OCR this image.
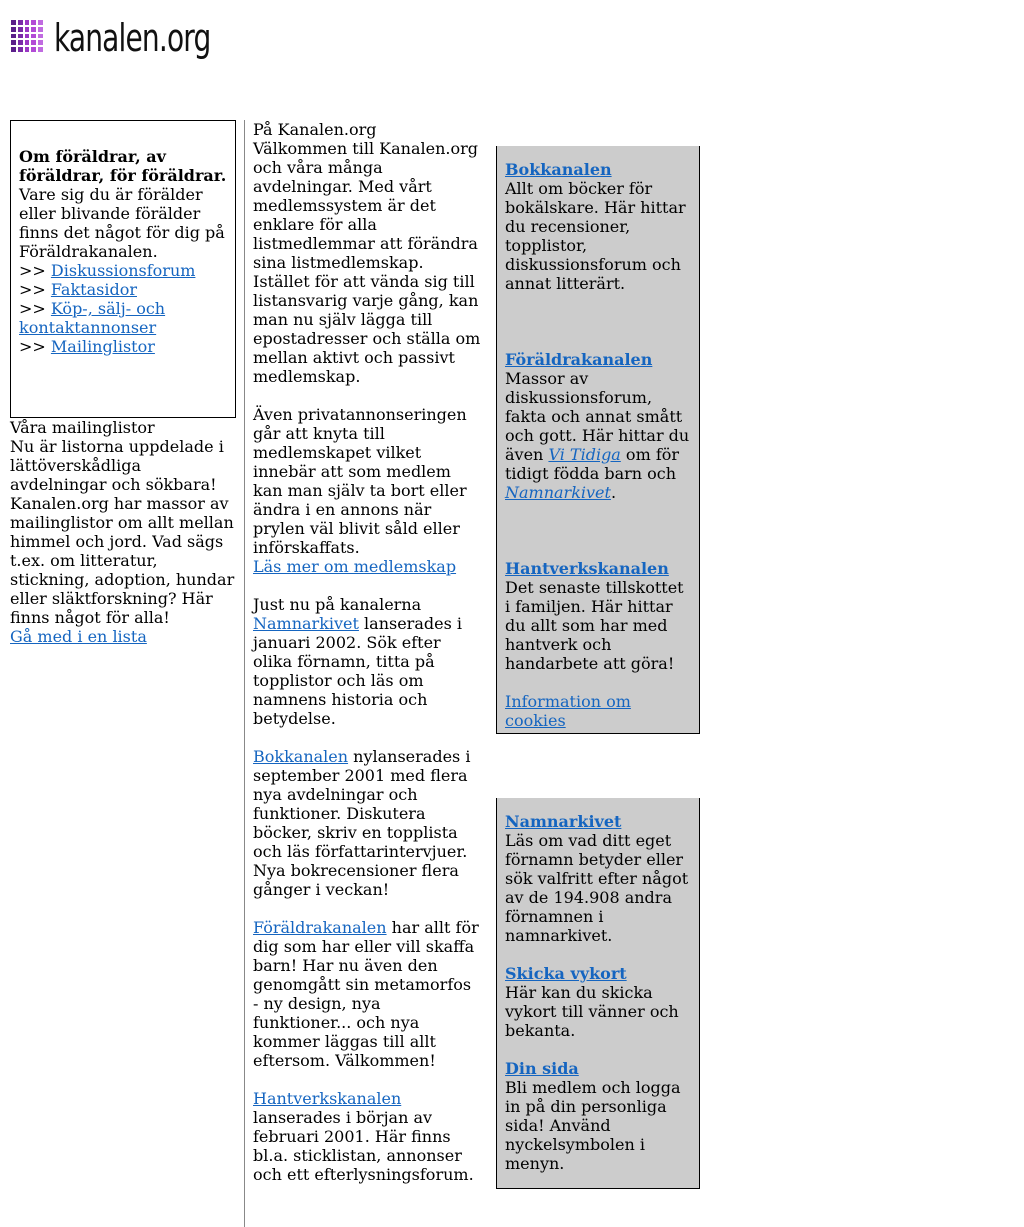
kanalen.org
Om föräldrar, av föräldrar, för föräldrar.
Vare sig du är förälder eller blivande förälder finns det något för dig på Föräldrakanalen.
>> Diskussionsforum
>> Faktasidor
>> Köp-, sälj- och kontaktannonser
>> Mailinglistor
Våra mailinglistor
Nu är listorna uppdelade i lättöverskådliga avdelningar och sökbara! Kanalen.org har massor av mailinglistor om allt mellan himmel och jord. Vad sägs t.ex. om litteratur, stickning, adoption, hundar eller släktforskning? Här finns något för alla!
Gå med i en lista

På Kanalen.org
Välkommen till Kanalen.org och våra många avdelningar. Med vårt medlemssystem är det enklare för alla listmedlemmar att förändra sina listmedlemskap. Istället för att vända sig till listansvarig varje gång, kan man nu själv lägga till epostadresser och ställa om mellan aktivt och passivt medlemskap.

Även privatannonseringen går att knyta till medlemskapet vilket innebär att som medlem kan man själv ta bort eller ändra i en annons när prylen väl blivit såld eller införskaffats.
Läs mer om medlemskap

Just nu på kanalerna
Namnarkivet lanserades i januari 2002. Sök efter olika förnamn, titta på topplistor och läs om namnens historia och betydelse.

Bokkanalen nylanserades i september 2001 med flera nya avdelningar och funktioner. Diskutera böcker, skriv en topplista och läs författarintervjuer. Nya bokrecensioner flera gånger i veckan!

Föräldrakanalen har allt för dig som har eller vill skaffa barn! Har nu även den genomgått sin metamorfos - ny design, nya funktioner... och nya kommer läggas till allt eftersom. Välkommen!

Hantverkskanalen
lanserades i början av februari 2001. Här finns bl.a. sticklistan, annonser och ett efterlysningsforum.

Bokkanalen

Allt om böcker för bokälskare. Här hittar du recensioner, topplistor, diskussionsforum och annat litterärt.

Föräldrakanalen

Massor av diskussionsforum, fakta och annat smått och gott. Här hittar du även Vi Tidiga om för tidigt födda barn och Namnarkivet.

Hantverkskanalen

Det senaste tillskottet i familjen. Här hittar du allt som har med hantverk och handarbete att göra!

Information om cookies
Namnarkivet

Läs om vad ditt eget förnamn betyder eller sök valfritt efter något av de 194.908 andra förnamnen i namnarkivet.

Skicka vykort

Här kan du skicka vykort till vänner och bekanta.

Din sida

Bli medlem och logga in på din personliga sida! Använd nyckelsymbolen i menyn.
